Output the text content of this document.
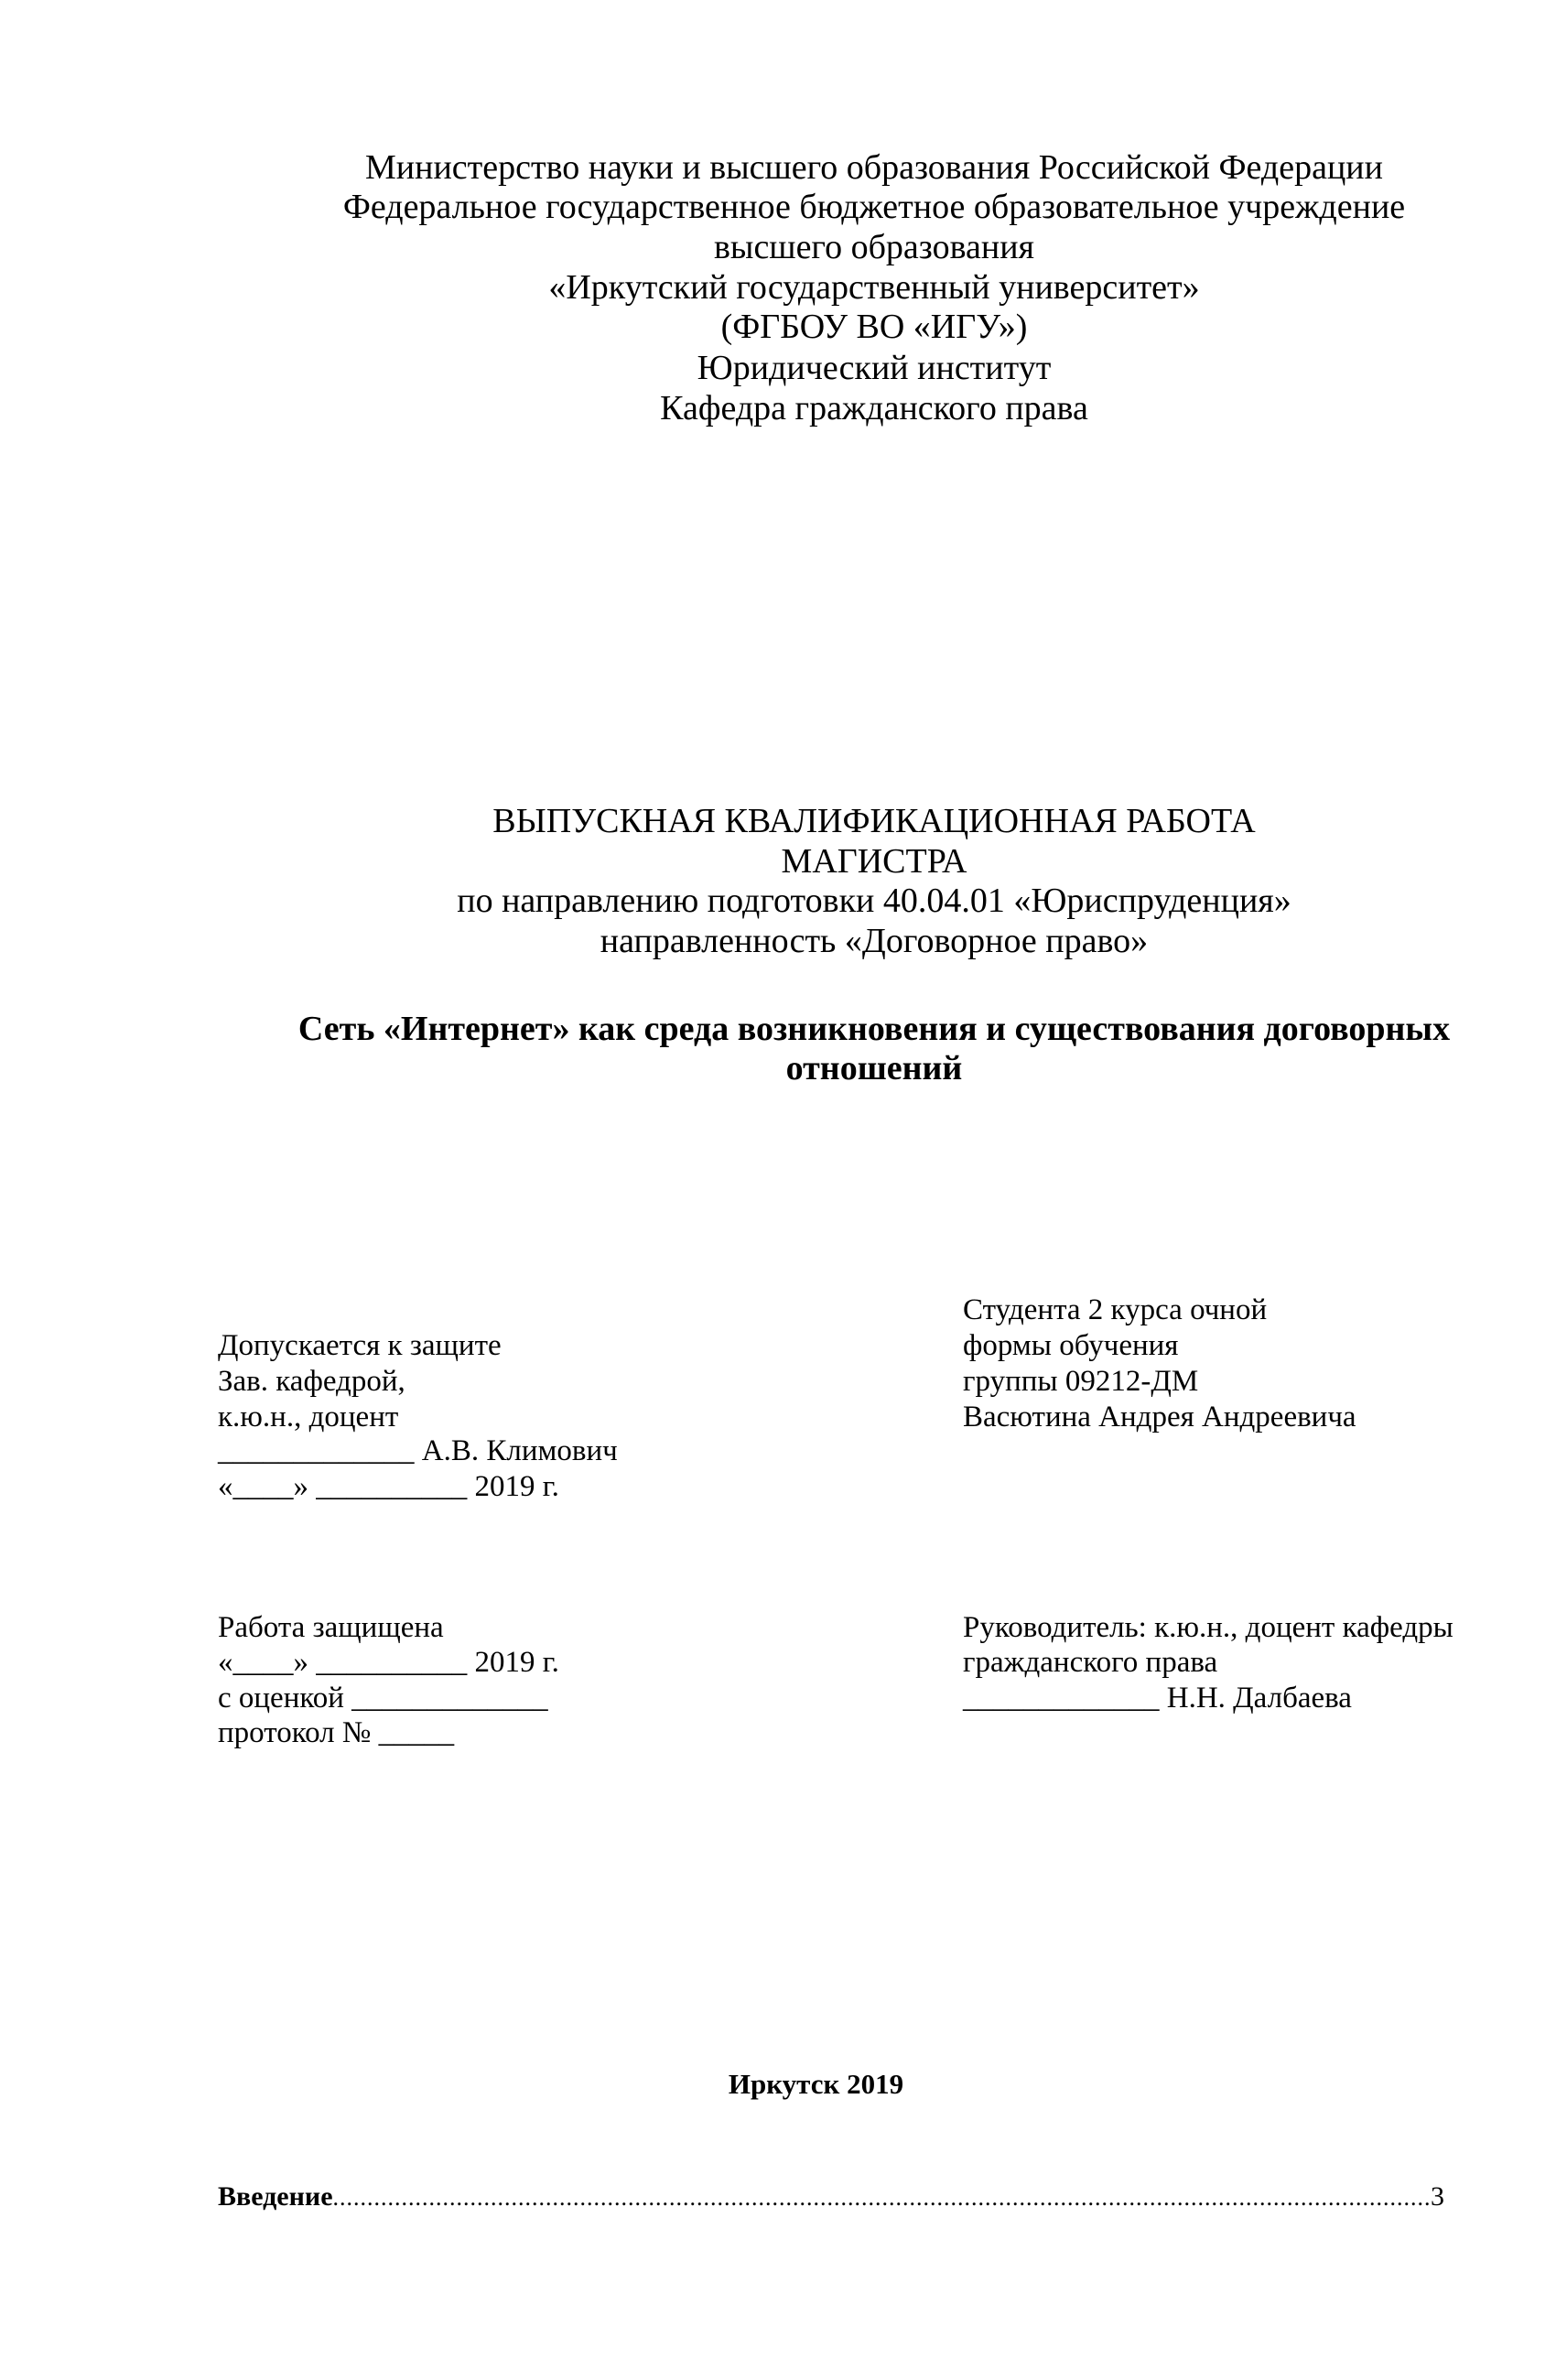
Министерство науки и высшего образования Российской Федерации
Федеральное государственное бюджетное образовательное учреждение
высшего образования
«Иркутский государственный университет»
(ФГБОУ ВО «ИГУ»)
Юридический институт
Кафедра гражданского права
ВЫПУСКНАЯ КВАЛИФИКАЦИОННАЯ РАБОТА
МАГИСТРА
по направлению подготовки 40.04.01 «Юриспруденция»
направленность «Договорное право»
Сеть «Интернет» как среда возникновения и существования договорных
отношений
Допускается к защите
Зав. кафедрой,
к.ю.н., доцент
_____________ А.В. Климович
«____» __________ 2019 г.
Студента 2 курса очной
формы обучения
группы 09212-ДМ
Васютина Андрея Андреевича
Работа защищена
«____» __________ 2019 г.
с оценкой _____________
протокол № _____
Руководитель: к.ю.н., доцент кафедры
гражданского права
_____________ Н.Н. Далбаева
Иркутск 2019
Введение
.....	3
